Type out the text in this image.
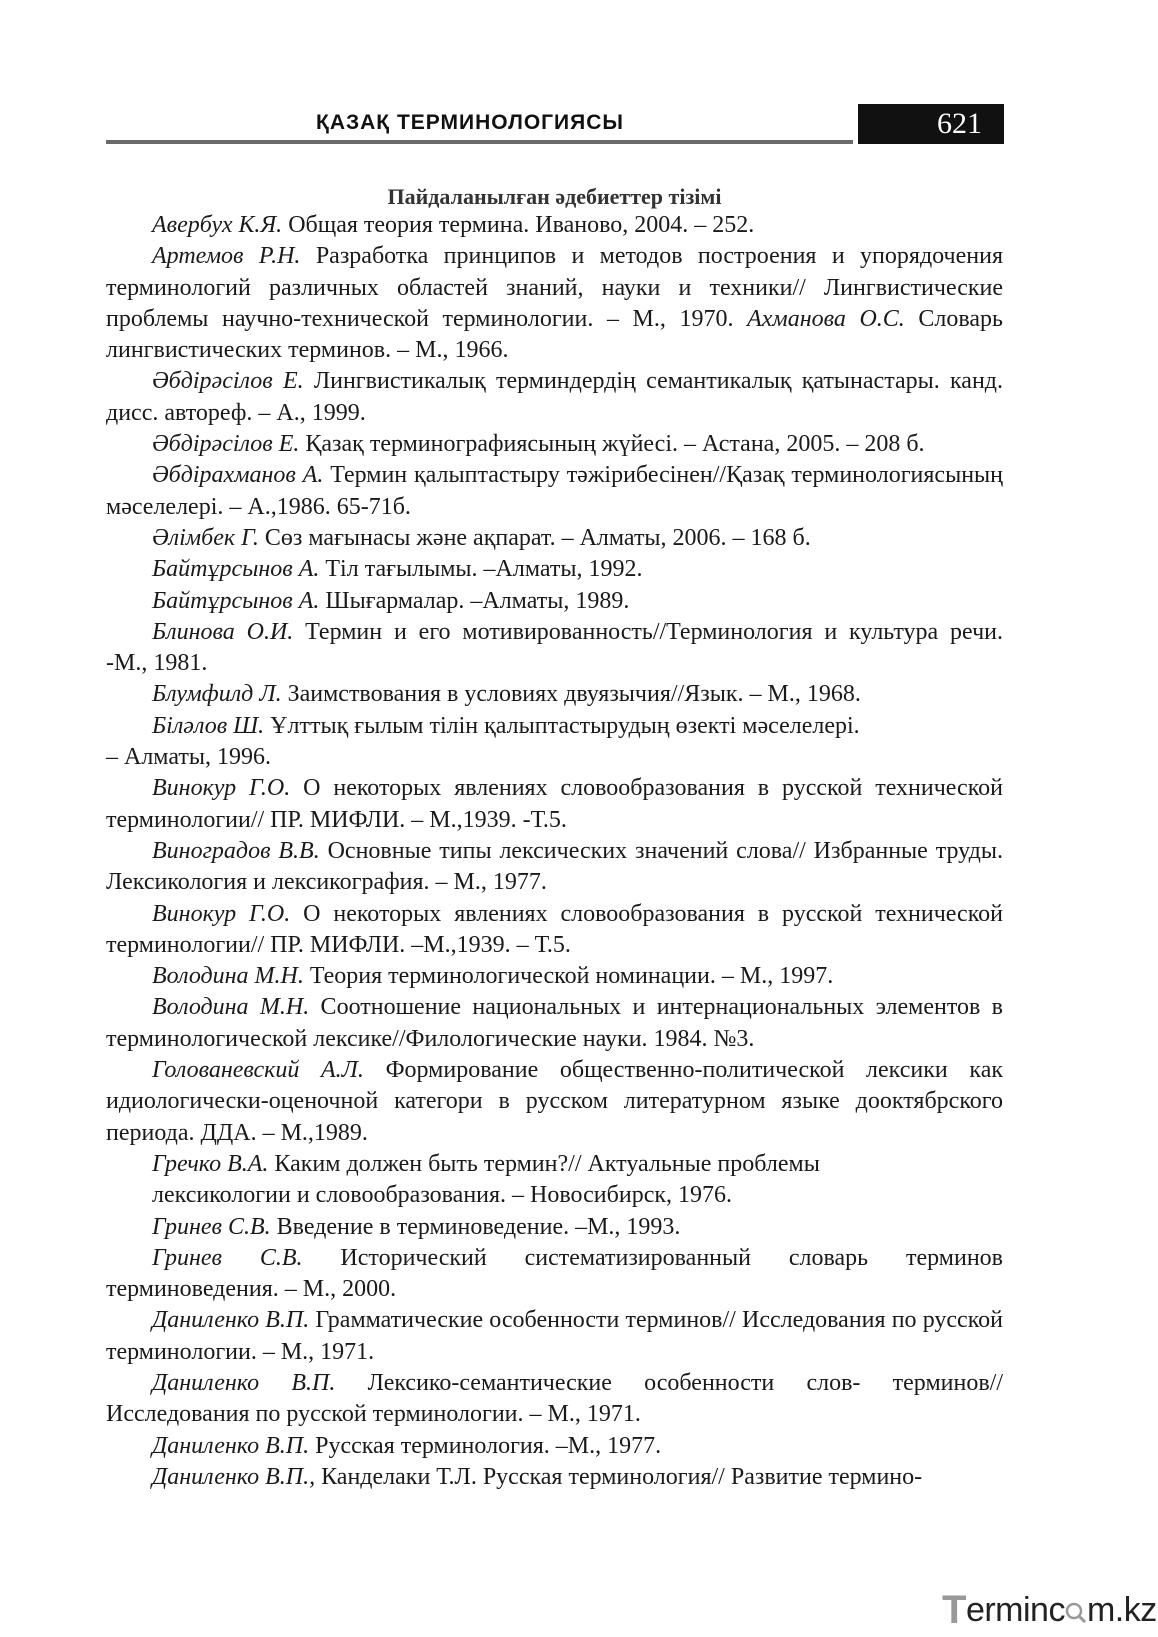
ҚАЗАҚ ТЕРМИНОЛОГИЯСЫ	621
Пайдаланылған әдебиеттер тізімі

Авербух К.Я. Общая теория термина. Иваново, 2004. – 252.

Артемов Р.Н. Разработка принципов и методов построения и упорядочения терминологий различных областей знаний, науки и техники// Лингвистические проблемы научно-технической терминологии. – М., 1970. Ахманова О.С. Словарь лингвистических терминов. – М., 1966.

Әбдірәсілов Е. Лингвистикалық терминдердің семантикалық қатынастары. канд. дисс. автореф. – А., 1999.

Әбдірәсілов Е. Қазақ терминографиясының жүйесі. – Астана, 2005. – 208 б.

Әбдірахманов А. Термин қалыптастыру тәжірибесінен//Қазақ терминологиясының мәселелері. – А.,1986. 65-71б.

Әлімбек Г. Сөз мағынасы және ақпарат. – Алматы, 2006. – 168 б.

Байтұрсынов А. Тіл тағылымы. –Алматы, 1992.

Байтұрсынов А. Шығармалар. –Алматы, 1989.

Блинова О.И. Термин и его мотивированность//Терминология и культура речи. -М., 1981.

Блумфилд Л. Заимствования в условиях двуязычия//Язык. – М., 1968.

Біләлов Ш. Ұлттық ғылым тілін қалыптастырудың өзекті мәселелері.
– Алматы, 1996.

Винокур Г.О. О некоторых явлениях словообразования в русской технической терминологии// ПР. МИФЛИ. – М.,1939. -Т.5.

Виноградов В.В. Основные типы лексических значений слова// Избранные труды. Лексикология и лексикография. – М., 1977.

Винокур Г.О. О некоторых явлениях словообразования в русской технической терминологии// ПР. МИФЛИ. –М.,1939. – Т.5.

Володина М.Н. Теория терминологической номинации. – М., 1997.

Володина М.Н. Соотношение национальных и интернациональных элементов в терминологической лексике//Филологические науки. 1984. №3.

Голованевский А.Л. Формирование общественно-политической лексики как идиологически-оценочной категори в русском литературном языке дооктябрского периода. ДДА. – М.,1989.

Гречко В.А. Каким должен быть термин?// Актуальные проблемы
лексикологии и словообразования. – Новосибирск, 1976.

Гринев С.В. Введение в терминоведение. –М., 1993.

Гринев С.В. Исторический систематизированный словарь терминов терминоведения. – М., 2000.

Даниленко В.П. Грамматические особенности терминов// Исследования по русской терминологии. – М., 1971.

Даниленко В.П. Лексико-семантические особенности слов- терминов// Исследования по русской терминологии. – М., 1971.

Даниленко В.П. Русская терминология. –М., 1977.

Даниленко В.П., Канделаки Т.Л. Русская терминология// Развитие термино-

Terminc m.kz
